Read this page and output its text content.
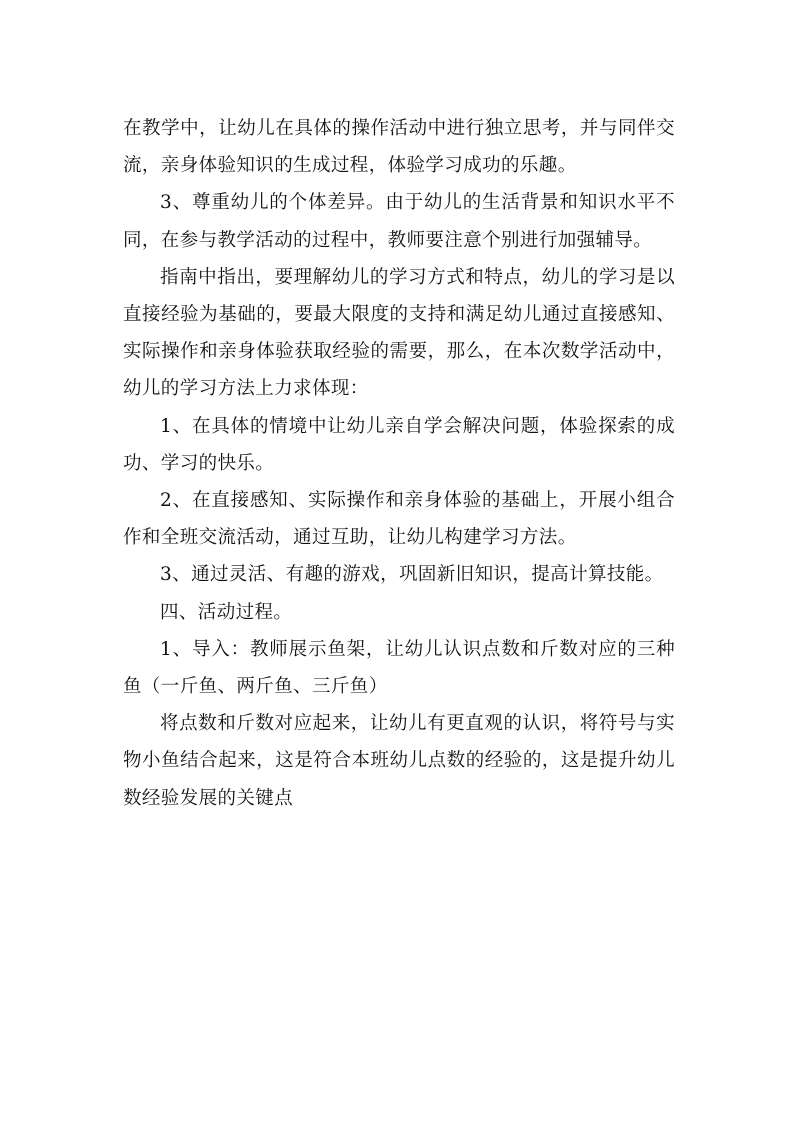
在教学中，让幼儿在具体的操作活动中进行独立思考，并与同伴交流，亲身体验知识的生成过程，体验学习成功的乐趣。

3、尊重幼儿的个体差异。由于幼儿的生活背景和知识水平不同，在参与教学活动的过程中，教师要注意个别进行加强辅导。

指南中指出，要理解幼儿的学习方式和特点，幼儿的学习是以直接经验为基础的，要最大限度的支持和满足幼儿通过直接感知、实际操作和亲身体验获取经验的需要，那么，在本次数学活动中，幼儿的学习方法上力求体现：

1、在具体的情境中让幼儿亲自学会解决问题，体验探索的成功、学习的快乐。

2、在直接感知、实际操作和亲身体验的基础上，开展小组合作和全班交流活动，通过互助，让幼儿构建学习方法。

3、通过灵活、有趣的游戏，巩固新旧知识，提高计算技能。

四、活动过程。

1、导入：教师展示鱼架，让幼儿认识点数和斤数对应的三种鱼（一斤鱼、两斤鱼、三斤鱼）

将点数和斤数对应起来，让幼儿有更直观的认识，将符号与实物小鱼结合起来，这是符合本班幼儿点数的经验的，这是提升幼儿数经验发展的关键点
